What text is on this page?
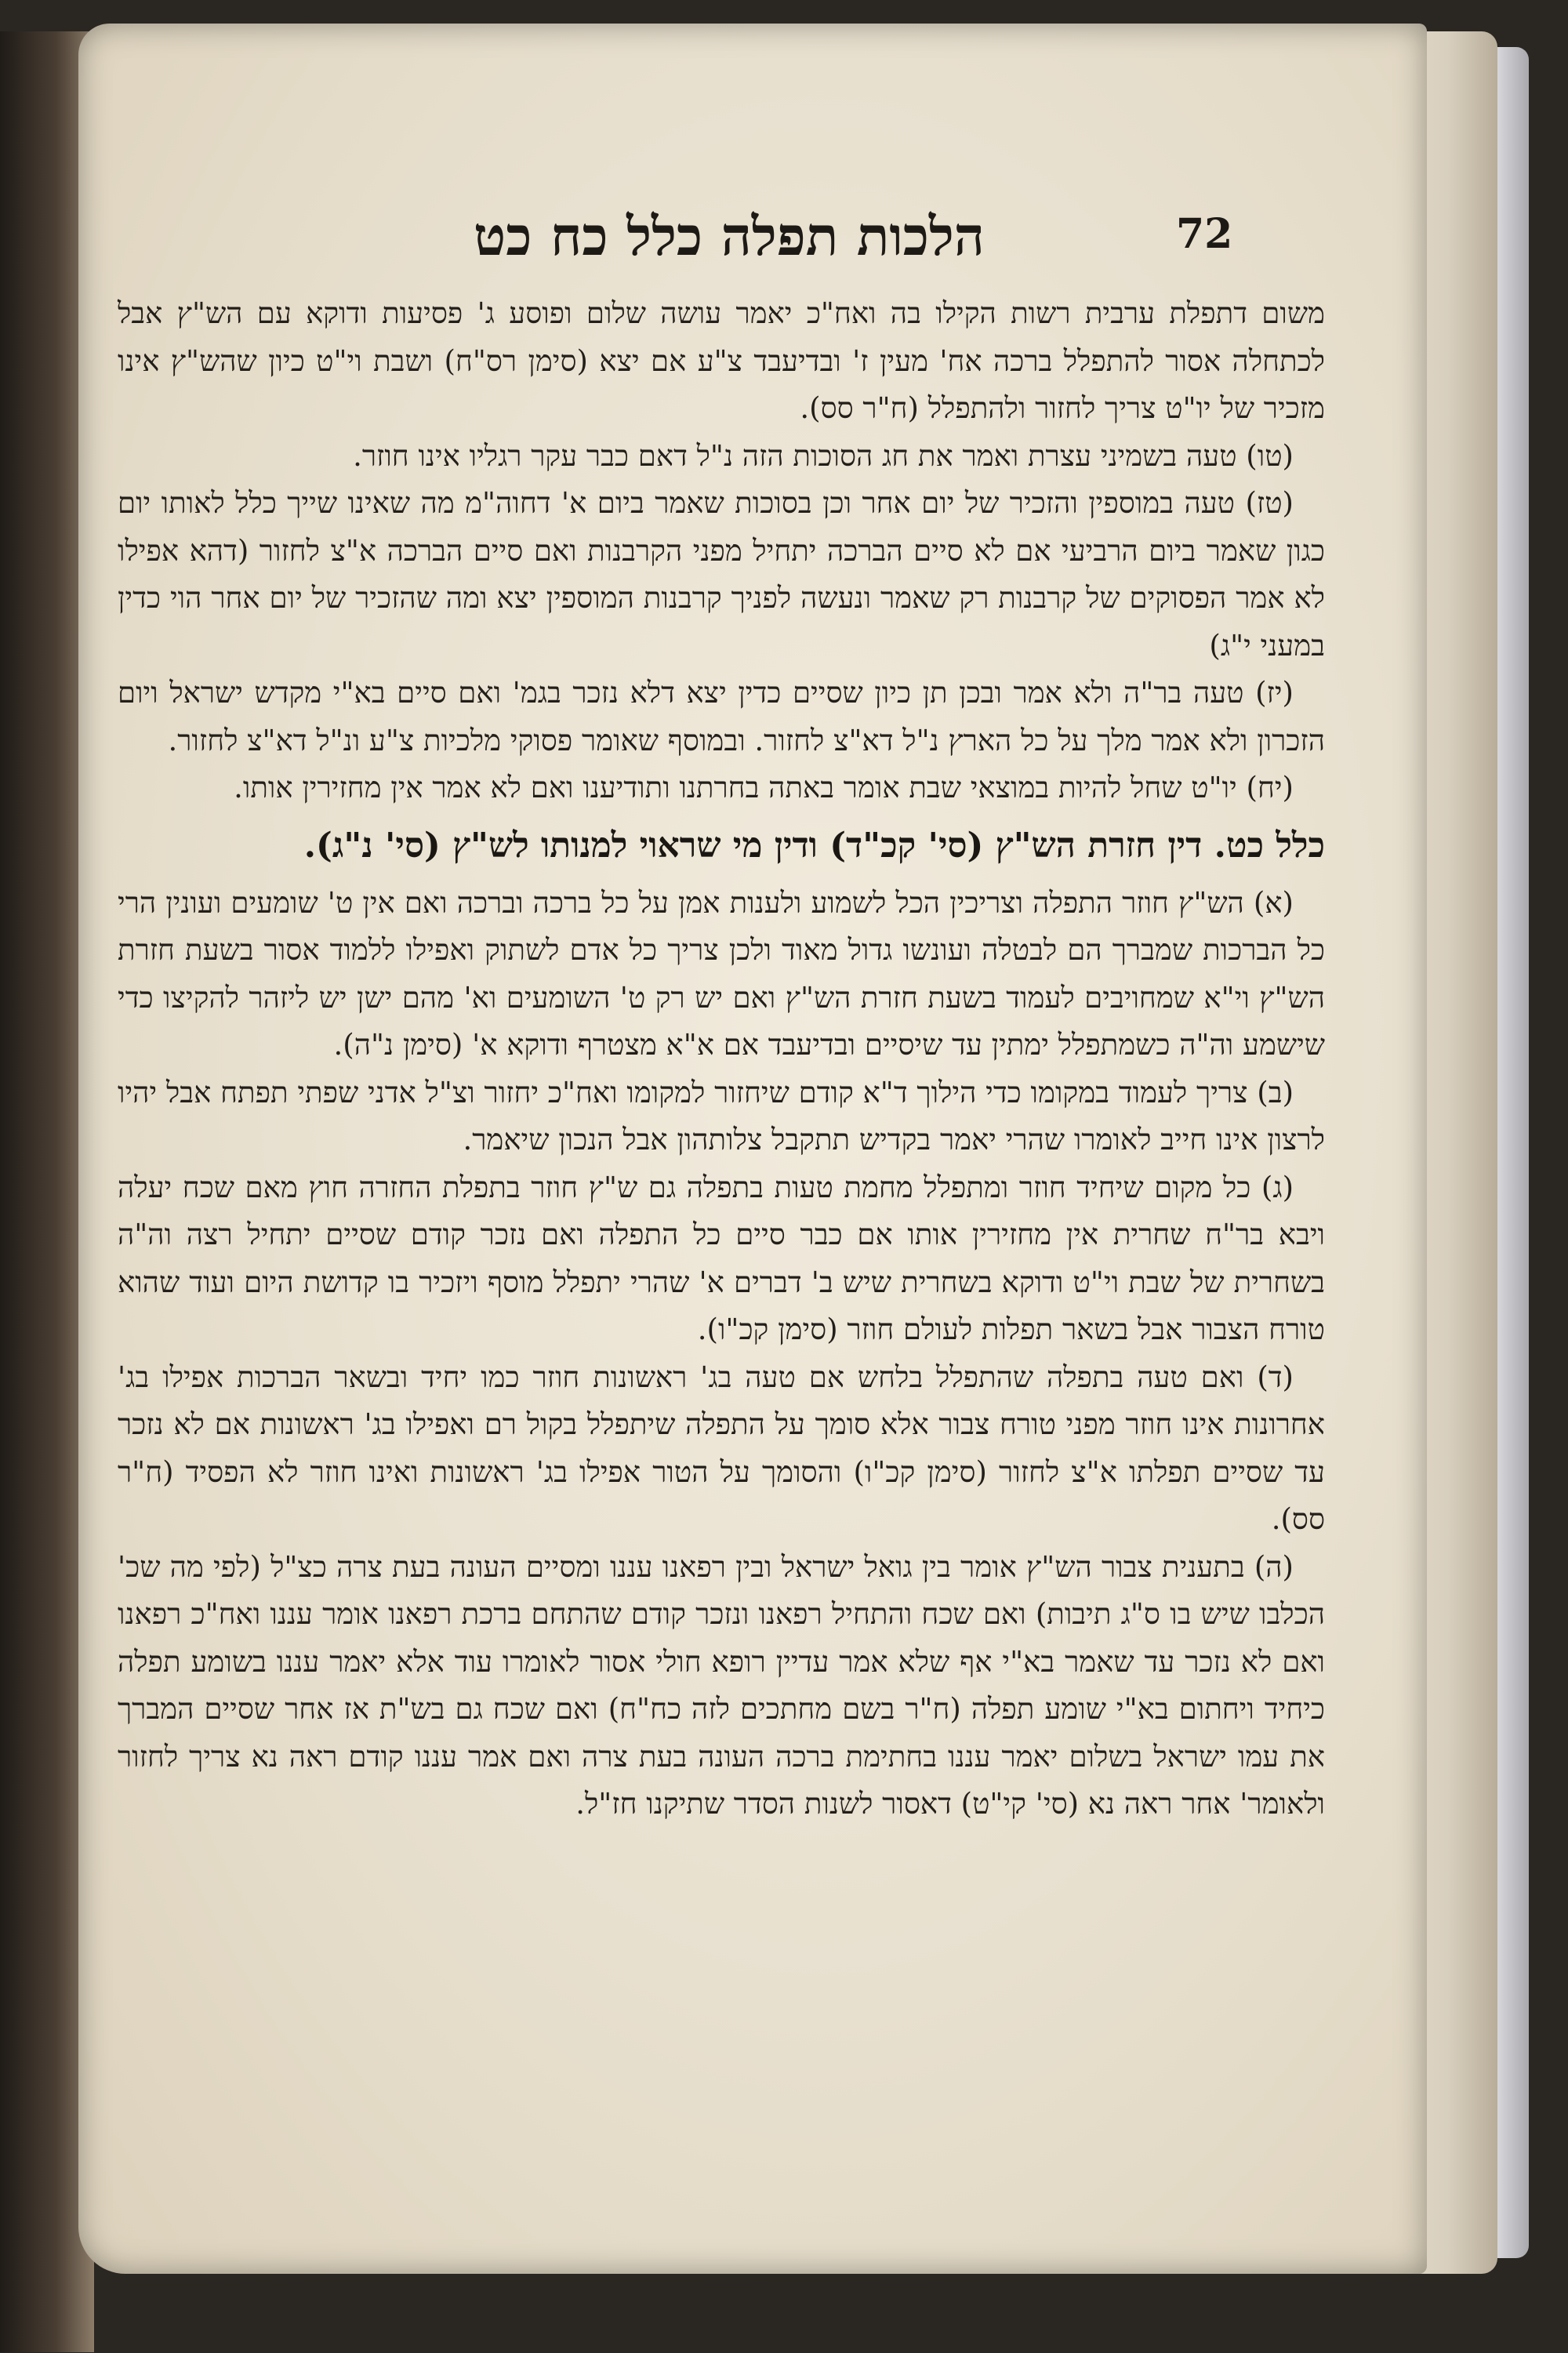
הלכות תפלה כלל כח כט	72

משום דתפלת ערבית רשות הקילו בה ואח"כ יאמר עושה שלום ופוסע ג' פסיעות ודוקא עם הש"ץ אבל לכתחלה אסור להתפלל ברכה אח' מעין ז' ובדיעבד צ"ע אם יצא (סימן רס"ח) ושבת וי"ט כיון שהש"ץ אינו מזכיר של יו"ט צריך לחזור ולהתפלל (ח"ר סס).

(טו) טעה בשמיני עצרת ואמר את חג הסוכות הזה נ"ל דאם כבר עקר רגליו אינו חוזר.

(טז) טעה במוספין והזכיר של יום אחר וכן בסוכות שאמר ביום א' דחוה"מ מה שאינו שייך כלל לאותו יום כגון שאמר ביום הרביעי אם לא סיים הברכה יתחיל מפני הקרבנות ואם סיים הברכה א"צ לחזור (דהא אפילו לא אמר הפסוקים של קרבנות רק שאמר ונעשה לפניך קרבנות המוספין יצא ומה שהזכיר של יום אחר הוי כדין במעני י"ג)

(יז) טעה בר"ה ולא אמר ובכן תן כיון שסיים כדין יצא דלא נזכר בגמ' ואם סיים בא"י מקדש ישראל ויום הזכרון ולא אמר מלך על כל הארץ נ"ל דא"צ לחזור. ובמוסף שאומר פסוקי מלכיות צ"ע ונ"ל דא"צ לחזור.

(יח) יו"ט שחל להיות במוצאי שבת אומר באתה בחרתנו ותודיענו ואם לא אמר אין מחזירין אותו.

כלל כט. דין חזרת הש"ץ (סי' קכ"ד) ודין מי שראוי למנותו לש"ץ (סי' נ"ג).

(א) הש"ץ חוזר התפלה וצריכין הכל לשמוע ולענות אמן על כל ברכה וברכה ואם אין ט' שומעים ועונין הרי כל הברכות שמברך הם לבטלה ועונשו גדול מאוד ולכן צריך כל אדם לשתוק ואפילו ללמוד אסור בשעת חזרת הש"ץ וי"א שמחויבים לעמוד בשעת חזרת הש"ץ ואם יש רק ט' השומעים וא' מהם ישן יש ליזהר להקיצו כדי שישמע וה"ה כשמתפלל ימתין עד שיסיים ובדיעבד אם א"א מצטרף ודוקא א' (סימן נ"ה).

(ב) צריך לעמוד במקומו כדי הילוך ד"א קודם שיחזור למקומו ואח"כ יחזור וצ"ל אדני שפתי תפתח אבל יהיו לרצון אינו חייב לאומרו שהרי יאמר בקדיש תתקבל צלותהון אבל הנכון שיאמר.

(ג) כל מקום שיחיד חוזר ומתפלל מחמת טעות בתפלה גם ש"ץ חוזר בתפלת החזרה חוץ מאם שכח יעלה ויבא בר"ח שחרית אין מחזירין אותו אם כבר סיים כל התפלה ואם נזכר קודם שסיים יתחיל רצה וה"ה בשחרית של שבת וי"ט ודוקא בשחרית שיש ב' דברים א' שהרי יתפלל מוסף ויזכיר בו קדושת היום ועוד שהוא טורח הצבור אבל בשאר תפלות לעולם חוזר (סימן קכ"ו).

(ד) ואם טעה בתפלה שהתפלל בלחש אם טעה בג' ראשונות חוזר כמו יחיד ובשאר הברכות אפילו בג' אחרונות אינו חוזר מפני טורח צבור אלא סומך על התפלה שיתפלל בקול רם ואפילו בג' ראשונות אם לא נזכר עד שסיים תפלתו א"צ לחזור (סימן קכ"ו) והסומך על הטור אפילו בג' ראשונות ואינו חוזר לא הפסיד (ח"ר סס).

(ה) בתענית צבור הש"ץ אומר בין גואל ישראל ובין רפאנו עננו ומסיים העונה בעת צרה כצ"ל (לפי מה שכ' הכלבו שיש בו ס"ג תיבות) ואם שכח והתחיל רפאנו ונזכר קודם שהתחם ברכת רפאנו אומר עננו ואח"כ רפאנו ואם לא נזכר עד שאמר בא"י אף שלא אמר עדיין רופא חולי אסור לאומרו עוד אלא יאמר עננו בשומע תפלה כיחיד ויחתום בא"י שומע תפלה (ח"ר בשם מחתכים לזה כח"ח) ואם שכח גם בש"ת אז אחר שסיים המברך את עמו ישראל בשלום יאמר עננו בחתימת ברכה העונה בעת צרה ואם אמר עננו קודם ראה נא צריך לחזור ולאומר' אחר ראה נא (סי' קי"ט) דאסור לשנות הסדר שתיקנו חז"ל.
